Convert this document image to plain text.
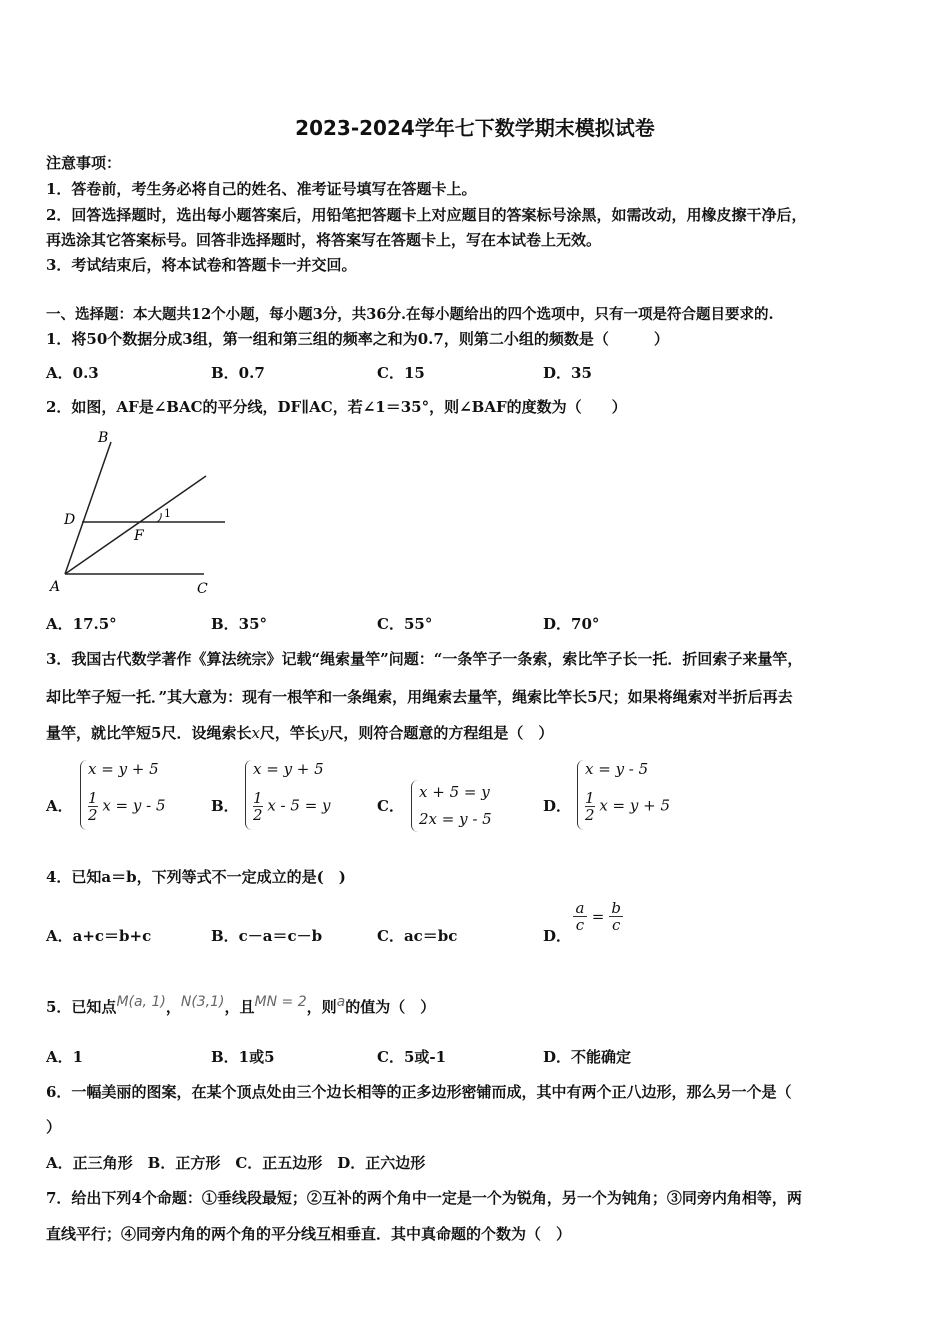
2023-2024学年七下数学期末模拟试卷
注意事项：
1．答卷前，考生务必将自己的姓名、准考证号填写在答题卡上。
2．回答选择题时，选出每小题答案后，用铅笔把答题卡上对应题目的答案标号涂黑，如需改动，用橡皮擦干净后，
再选涂其它答案标号。回答非选择题时，将答案写在答题卡上，写在本试卷上无效。
3．考试结束后，将本试卷和答题卡一并交回。
一、选择题：本大题共12个小题，每小题3分，共36分.在每小题给出的四个选项中，只有一项是符合题目要求的.
1．将50个数据分成3组，第一组和第三组的频率之和为0.7，则第二小组的频数是（　　　）
A．0.3	B．0.7	C．15	D．35
2．如图，AF是∠BAC的平分线，DF∥AC，若∠1＝35°，则∠BAF的度数为（　　）
B
D
F
1
A	C
A．17.5°	B．35°	C．55°	D．70°
3．我国古代数学著作《算法统宗》记载“绳索量竿”问题：“一条竿子一条索，索比竿子长一托．折回索子来量竿，
却比竿子短一托．”其大意为：现有一根竿和一条绳索，用绳索去量竿，绳索比竿长5尺；如果将绳索对半折后再去
量竿，就比竿短5尺．设绳索长x尺，竿长y尺，则符合题意的方程组是（　）
A．
x = y + 5
$\frac{1}{2}$ x = y - 5	B．
x = y + 5
$\frac{1}{2}$ x - 5 = y	C．
x + 5 = y
2x = y - 5
D．
x = y - 5
$\frac{1}{2}$ x = y + 5
4．已知a＝b，下列等式不一定成立的是(　)
A．a+c＝b+c	B．c－a＝c－b	C．ac＝bc	D．
$\frac{a}{c} = \frac{b}{c}$
5．已知点M(a, 1)，N(3,1)，且MN = 2，则a的值为（　）
A．1	B．1或5	C．5或-1	D．不能确定
6．一幅美丽的图案，在某个顶点处由三个边长相等的正多边形密铺而成，其中有两个正八边形，那么另一个是（
）
A．正三角形　B．正方形　C．正五边形　D．正六边形
7．给出下列4个命题：①垂线段最短；②互补的两个角中一定是一个为锐角，另一个为钝角；③同旁内角相等，两
直线平行；④同旁内角的两个角的平分线互相垂直．其中真命题的个数为（　）
